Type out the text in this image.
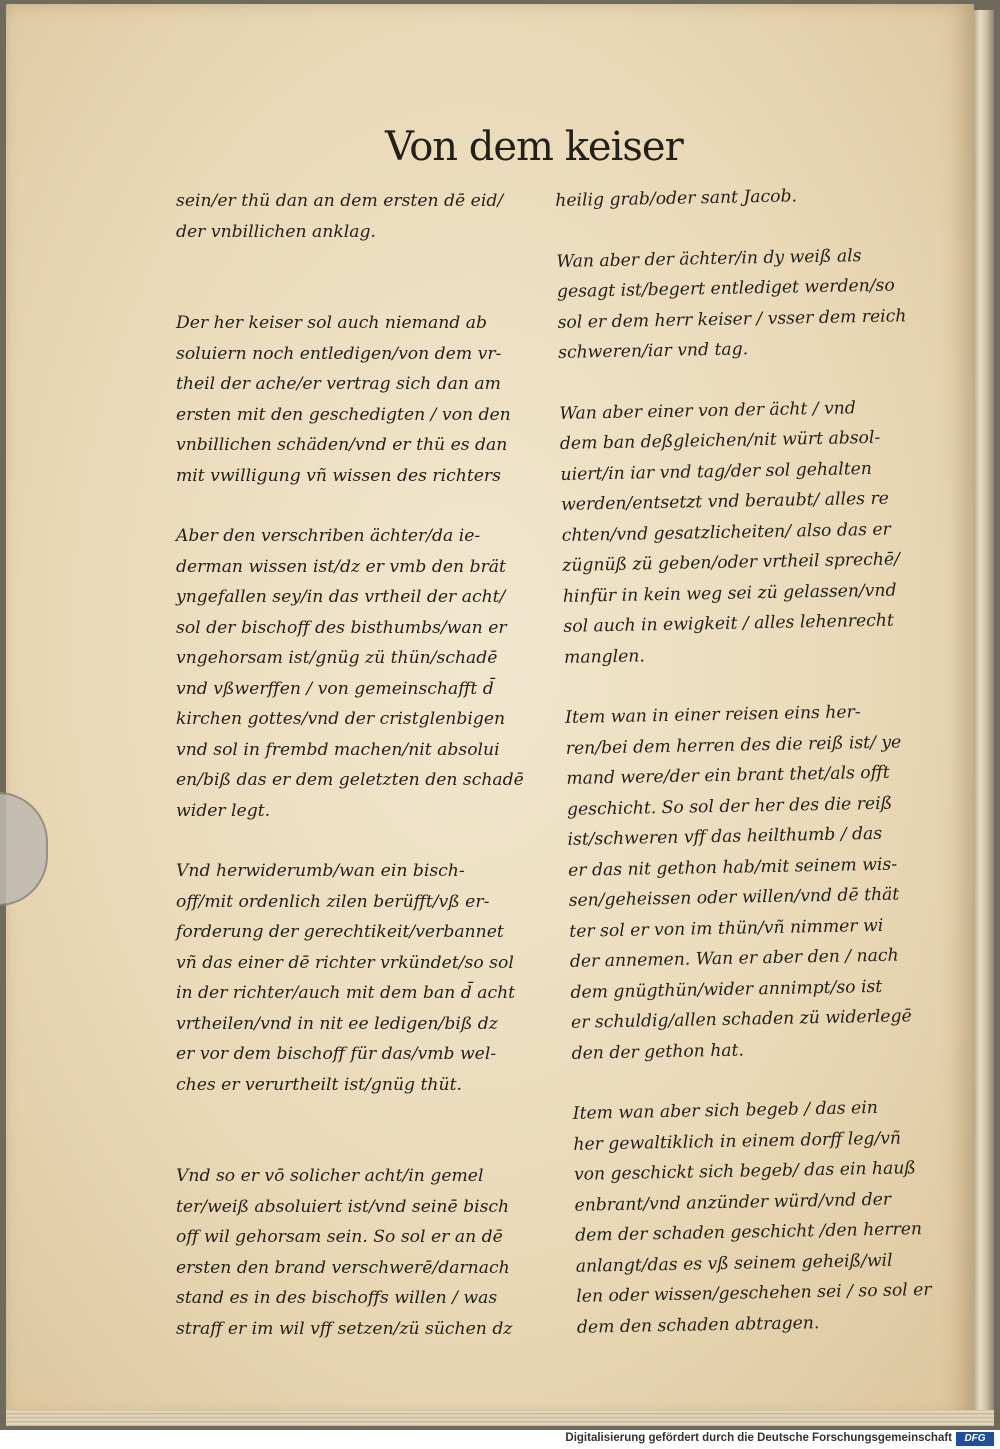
Von dem keiser
sein/er thü dan an dem ersten dē eid/
der vnbillichen anklag.
Der her keiser sol auch niemand ab
soluiern noch entledigen/von dem vr-
theil der ache/er vertrag sich dan am
ersten mit den geschedigten / von den
vnbillichen schäden/vnd er thü es dan
mit vwilligung vñ wissen des richters
Aber den verschriben ächter/da ie-
derman wissen ist/dz er vmb den brät
yngefallen sey/in das vrtheil der acht/
sol der bischoff des bisthumbs/wan er
vngehorsam ist/gnüg zü thün/schadē
vnd vßwerffen / von gemeinschafft d̄
kirchen gottes/vnd der cristglenbigen
vnd sol in frembd machen/nit absolui
en/biß das er dem geletzten den schadē
wider legt.
Vnd herwiderumb/wan ein bisch-
off/mit ordenlich zilen berüfft/vß er-
forderung der gerechtikeit/verbannet
vñ das einer dē richter vrkündet/so sol
in der richter/auch mit dem ban d̄ acht
vrtheilen/vnd in nit ee ledigen/biß dz
er vor dem bischoff für das/vmb wel-
ches er verurtheilt ist/gnüg thüt.
Vnd so er vō solicher acht/in gemel
ter/weiß absoluiert ist/vnd seinē bisch
off wil gehorsam sein. So sol er an dē
ersten den brand verschwerē/darnach
stand es in des bischoffs willen / was
straff er im wil vff setzen/zü süchen dz
heilig grab/oder sant Jacob.
Wan aber der ächter/in dy weiß als
gesagt ist/begert entlediget werden/so
sol er dem herr keiser / vsser dem reich
schweren/iar vnd tag.
Wan aber einer von der ächt / vnd
dem ban deßgleichen/nit würt absol-
uiert/in iar vnd tag/der sol gehalten
werden/entsetzt vnd beraubt/ alles re
chten/vnd gesatzlicheiten/ also das er
zügnüß zü geben/oder vrtheil sprechē/
hinfür in kein weg sei zü gelassen/vnd
sol auch in ewigkeit / alles lehenrecht
manglen.
Item wan in einer reisen eins her-
ren/bei dem herren des die reiß ist/ ye
mand were/der ein brant thet/als offt
geschicht. So sol der her des die reiß
ist/schweren vff das heilthumb / das
er das nit gethon hab/mit seinem wis-
sen/geheissen oder willen/vnd dē thät
ter sol er von im thün/vñ nimmer wi
der annemen. Wan er aber den / nach
dem gnügthün/wider annimpt/so ist
er schuldig/allen schaden zü widerlegē
den der gethon hat.
Item wan aber sich begeb / das ein
her gewaltiklich in einem dorff leg/vñ
von geschickt sich begeb/ das ein hauß
enbrant/vnd anzünder würd/vnd der
dem der schaden geschicht /den herren
anlangt/das es vß seinem geheiß/wil
len oder wissen/geschehen sei / so sol er
dem den schaden abtragen.
Digitalisierung gefördert durch die Deutsche Forschungsgemeinschaft	DFG
